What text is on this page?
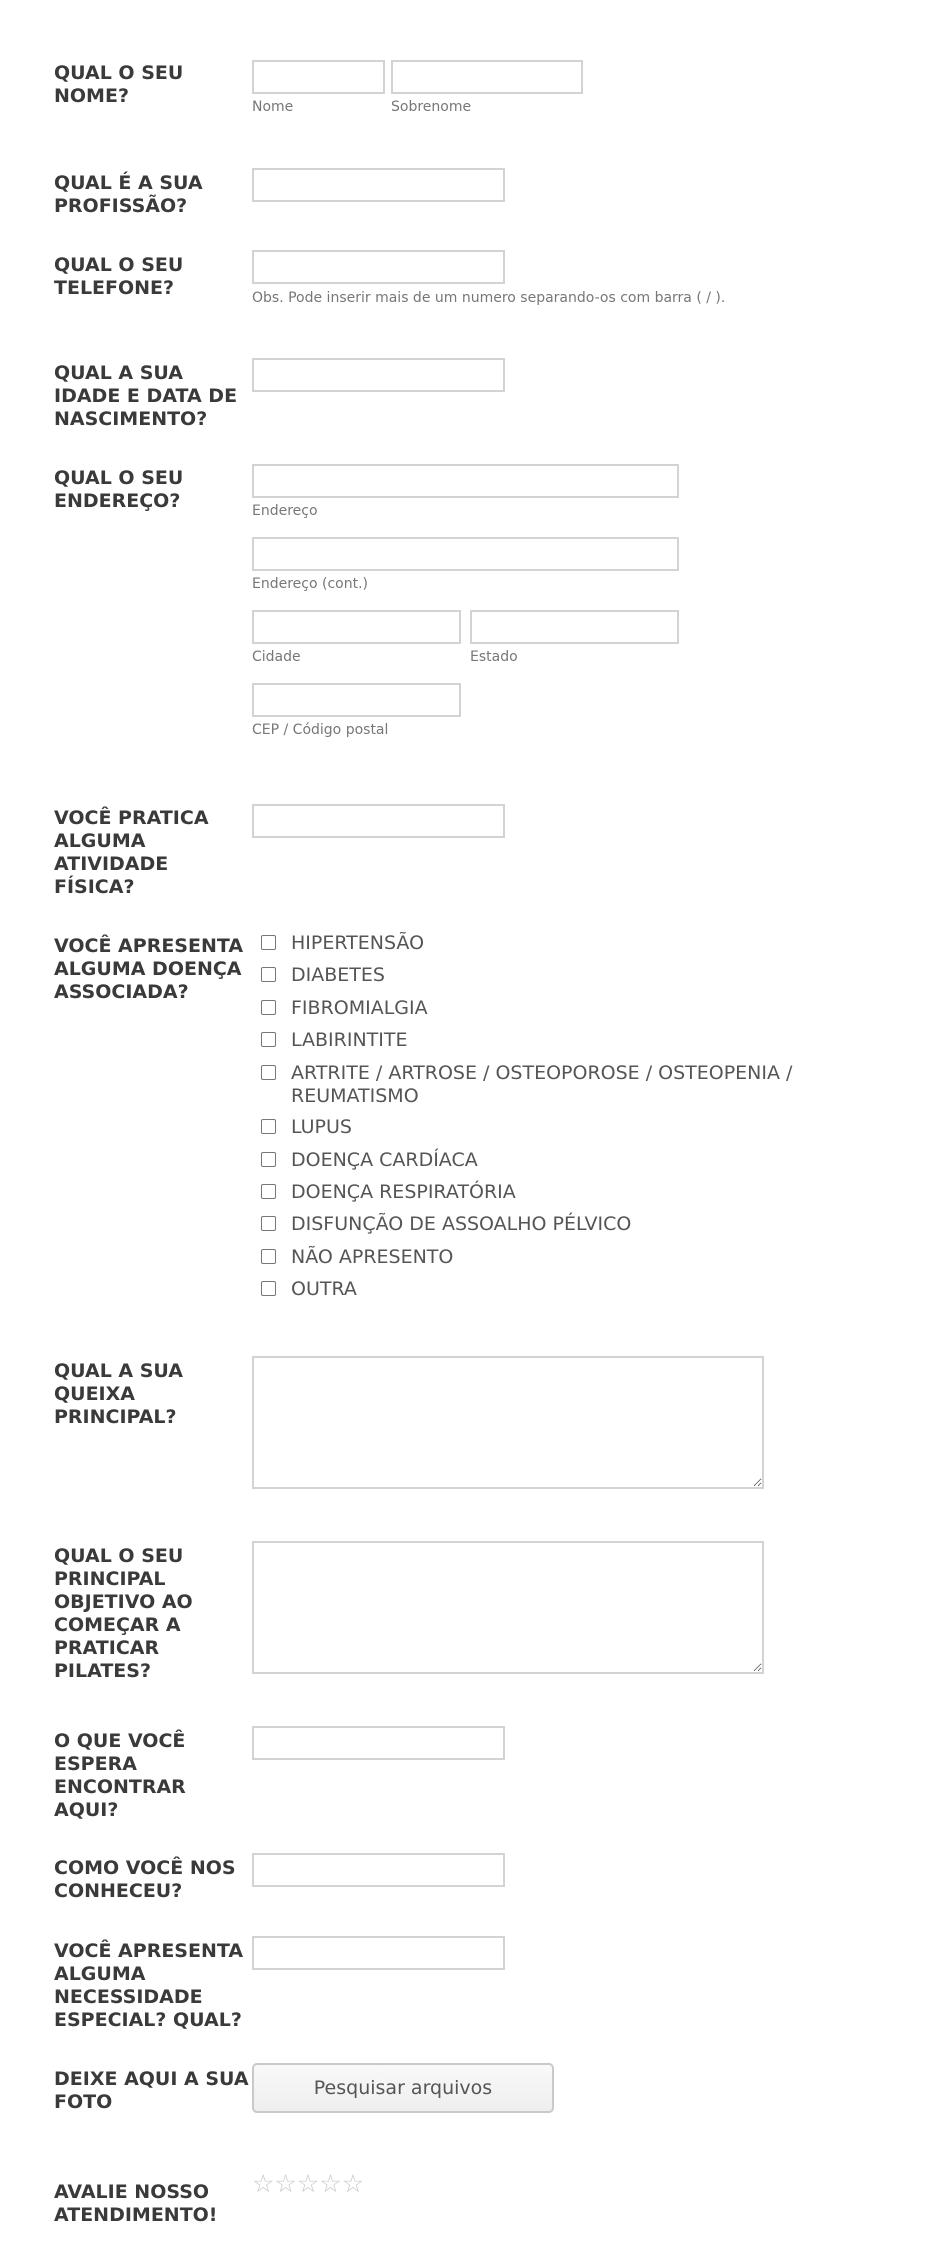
QUAL O SEU NOME?	Nome	Sobrenome
QUAL É A SUA PROFISSÃO?
QUAL O SEU TELEFONE?	Obs. Pode inserir mais de um numero separando-os com barra ( / ).
QUAL A SUA IDADE E DATA DE NASCIMENTO?
QUAL O SEU ENDEREÇO?	Endereço
Endereço (cont.)
Cidade	Estado
CEP / Código postal
VOCÊ PRATICA ALGUMA ATIVIDADE FÍSICA?
VOCÊ APRESENTA ALGUMA DOENÇA ASSOCIADA?
HIPERTENSÃO
DIABETES
FIBROMIALGIA
LABIRINTITE
ARTRITE / ARTROSE / OSTEOPOROSE / OSTEOPENIA / REUMATISMO
LUPUS
DOENÇA CARDÍACA
DOENÇA RESPIRATÓRIA
DISFUNÇÃO DE ASSOALHO PÉLVICO
NÃO APRESENTO
OUTRA
QUAL A SUA QUEIXA PRINCIPAL?
QUAL O SEU PRINCIPAL OBJETIVO AO COMEÇAR A PRATICAR PILATES?
O QUE VOCÊ ESPERA ENCONTRAR AQUI?
COMO VOCÊ NOS CONHECEU?
VOCÊ APRESENTA ALGUMA NECESSIDADE ESPECIAL? QUAL?
DEIXE AQUI A SUA FOTO
Pesquisar arquivos
AVALIE NOSSO ATENDIMENTO!
☆ ☆ ☆ ☆ ☆
